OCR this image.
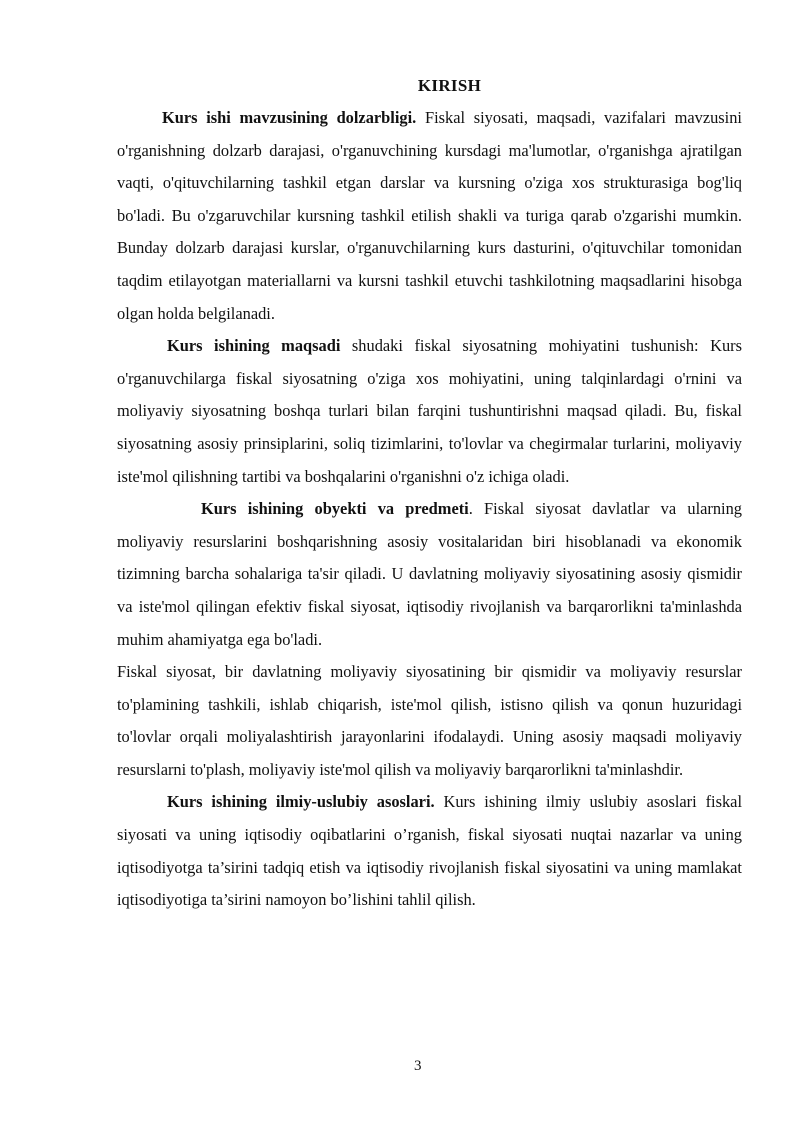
KIRISH

Kurs ishi mavzusining dolzarbligi. Fiskal siyosati, maqsadi, vazifalari mavzusini o'rganishning dolzarb darajasi, o'rganuvchining kursdagi ma'lumotlar, o'rganishga ajratilgan vaqti, o'qituvchilarning tashkil etgan darslar va kursning o'ziga xos strukturasiga bog'liq bo'ladi. Bu o'zgaruvchilar kursning tashkil etilish shakli va turiga qarab o'zgarishi mumkin. Bunday dolzarb darajasi kurslar, o'rganuvchilarning kurs dasturini, o'qituvchilar tomonidan taqdim etilayotgan materiallarni va kursni tashkil etuvchi tashkilotning maqsadlarini hisobga olgan holda belgilanadi.

Kurs ishining maqsadi shudaki fiskal siyosatning mohiyatini tushunish: Kurs o'rganuvchilarga fiskal siyosatning o'ziga xos mohiyatini, uning talqinlardagi o'rnini va moliyaviy siyosatning boshqa turlari bilan farqini tushuntirishni maqsad qiladi. Bu, fiskal siyosatning asosiy prinsiplarini, soliq tizimlarini, to'lovlar va chegirmalar turlarini, moliyaviy iste'mol qilishning tartibi va boshqalarini o'rganishni o'z ichiga oladi.

Kurs ishining obyekti va predmeti. Fiskal siyosat davlatlar va ularning moliyaviy resurslarini boshqarishning asosiy vositalaridan biri hisoblanadi va ekonomik tizimning barcha sohalariga ta'sir qiladi. U davlatning moliyaviy siyosatining asosiy qismidir va iste'mol qilingan efektiv fiskal siyosat, iqtisodiy rivojlanish va barqarorlikni ta'minlashda muhim ahamiyatga ega bo'ladi.

Fiskal siyosat, bir davlatning moliyaviy siyosatining bir qismidir va moliyaviy resurslar to'plamining tashkili, ishlab chiqarish, iste'mol qilish, istisno qilish va qonun huzuridagi to'lovlar orqali moliyalashtirish jarayonlarini ifodalaydi. Uning asosiy maqsadi moliyaviy resurslarni to'plash, moliyaviy iste'mol qilish va moliyaviy barqarorlikni ta'minlashdir.

Kurs ishining ilmiy-uslubiy asoslari. Kurs ishining ilmiy uslubiy asoslari fiskal siyosati va uning iqtisodiy oqibatlarini o’rganish, fiskal siyosati nuqtai nazarlar va uning iqtisodiyotga ta’sirini tadqiq etish va iqtisodiy rivojlanish fiskal siyosatini va uning mamlakat iqtisodiyotiga ta’sirini namoyon bo’lishini tahlil qilish.

3
